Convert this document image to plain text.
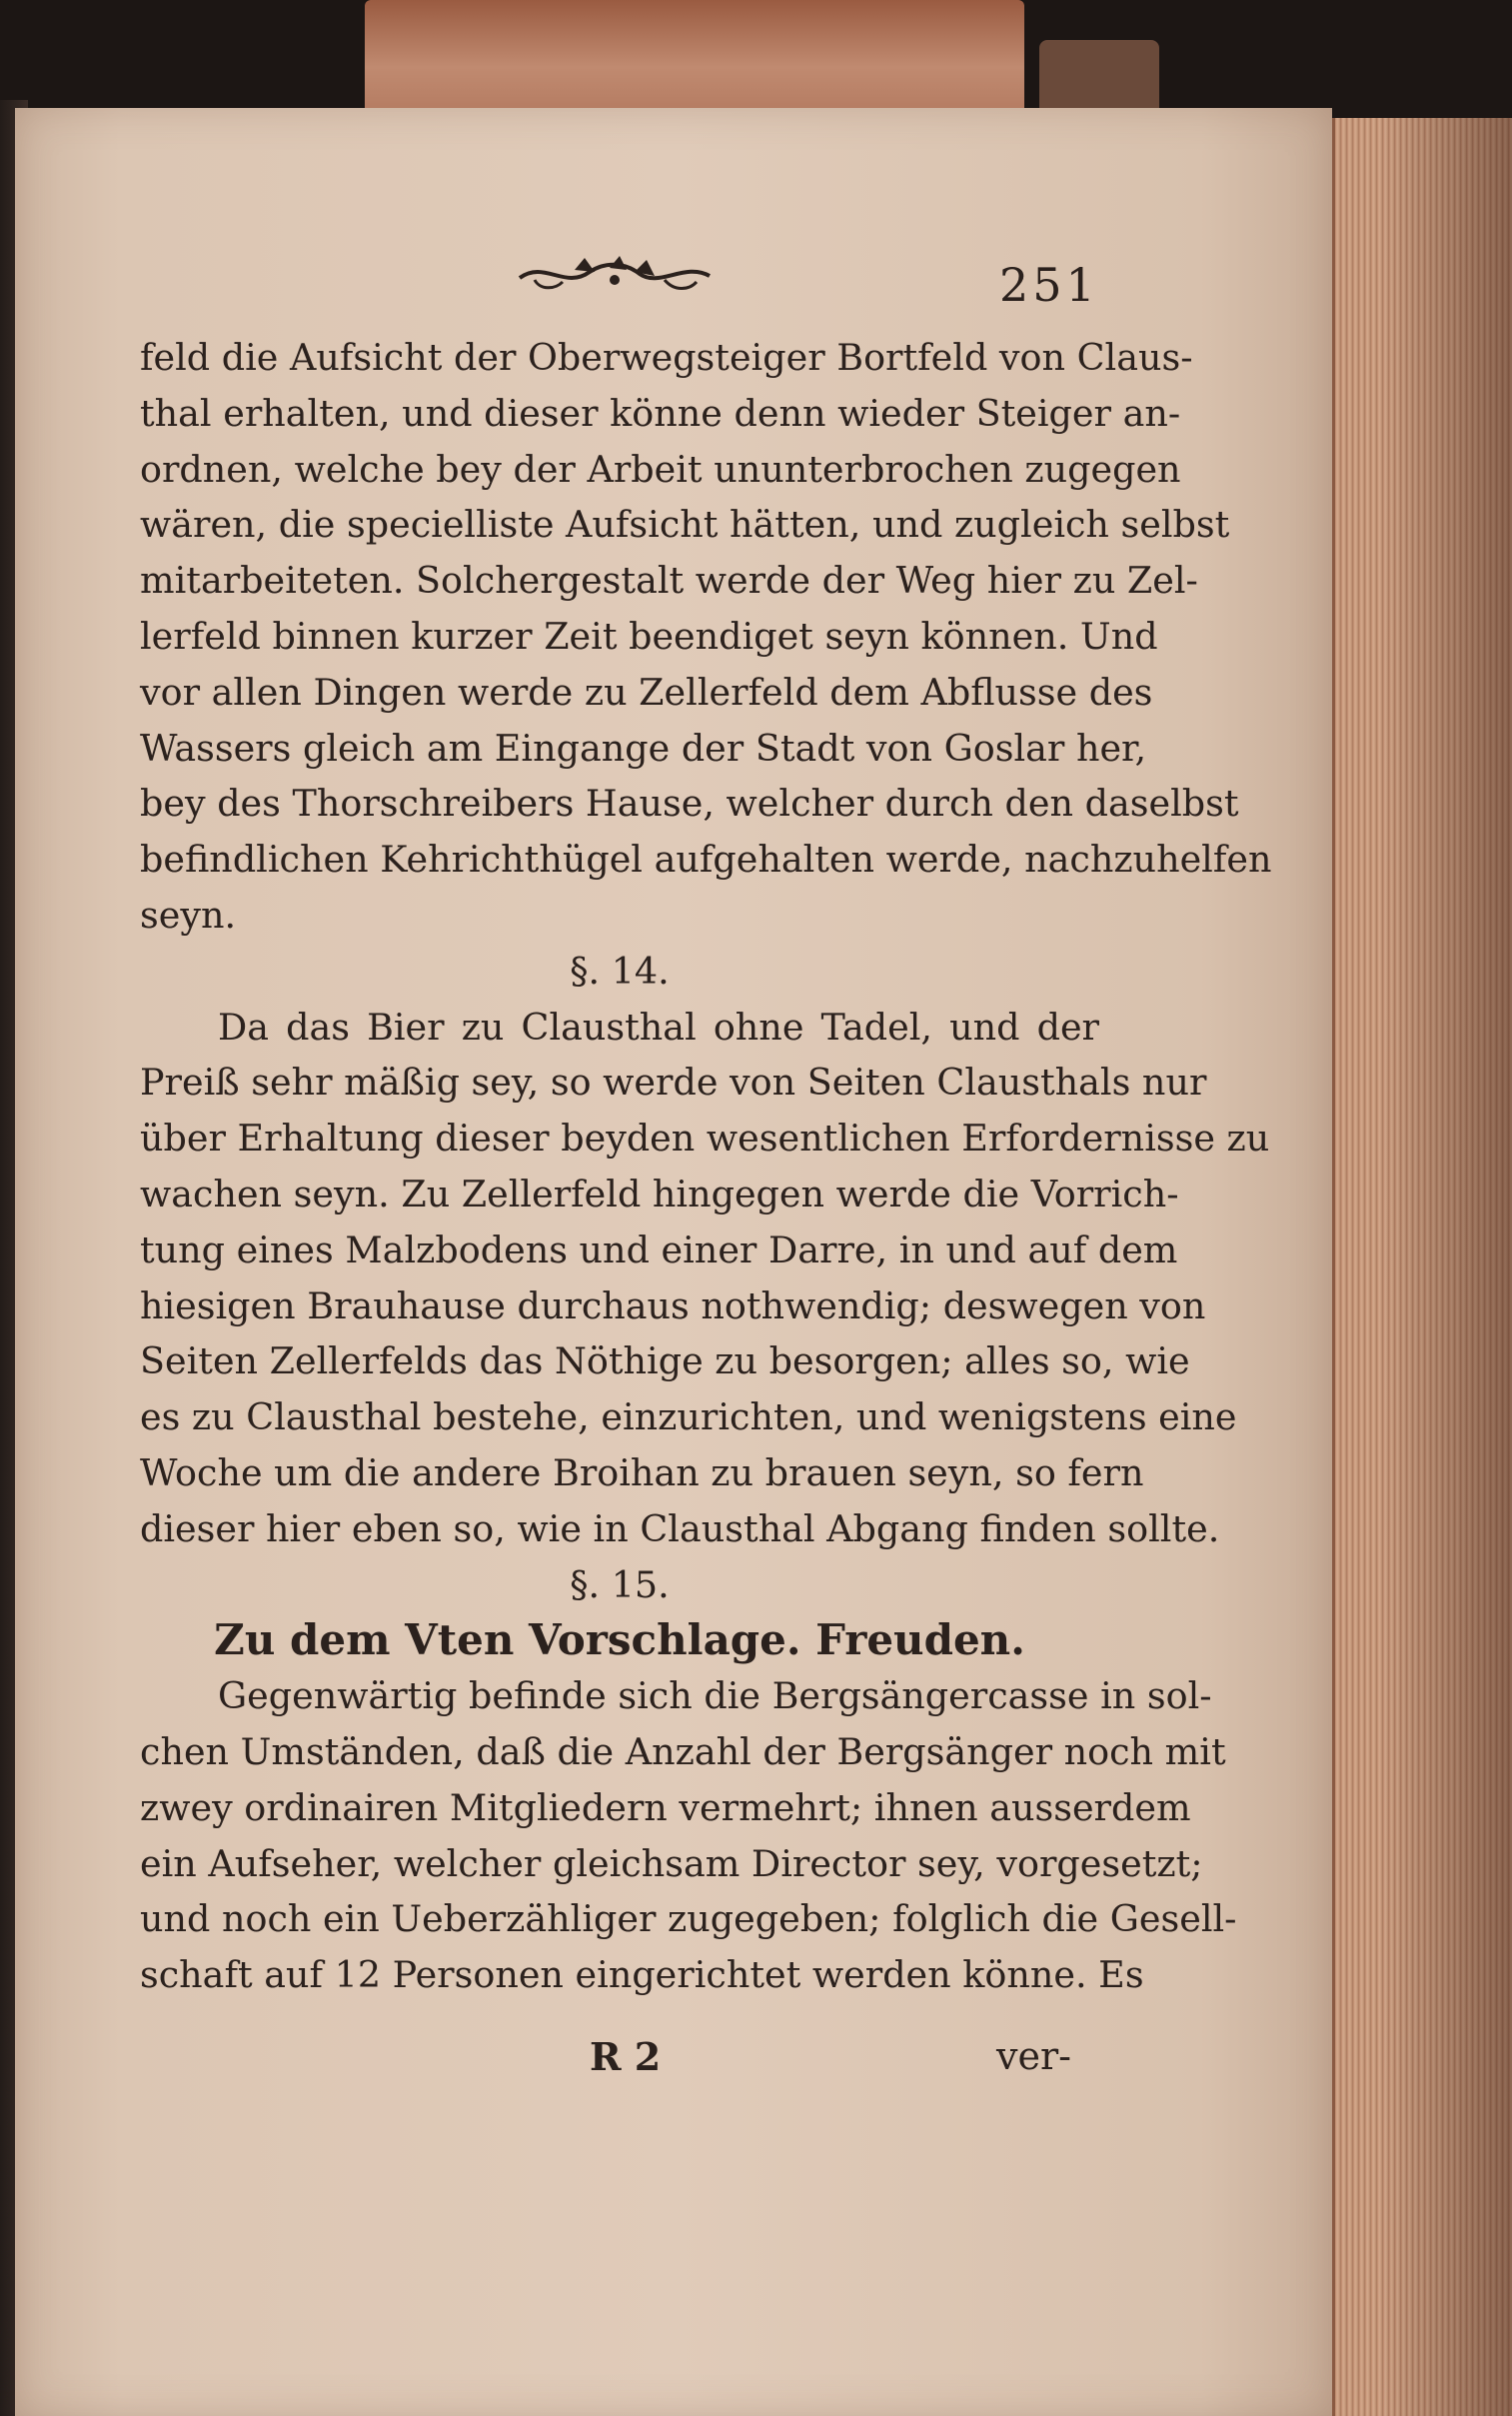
251
feld die Aufsicht der Oberwegsteiger Bortfeld von Claus-
thal erhalten, und dieser könne denn wieder Steiger an-
ordnen, welche bey der Arbeit ununterbrochen zugegen
wären, die specielliste Aufsicht hätten, und zugleich selbst
mitarbeiteten. Solchergestalt werde der Weg hier zu Zel-
lerfeld binnen kurzer Zeit beendiget seyn können. Und
vor allen Dingen werde zu Zellerfeld dem Abflusse des
Wassers gleich am Eingange der Stadt von Goslar her,
bey des Thorschreibers Hause, welcher durch den daselbst
befindlichen Kehrichthügel aufgehalten werde, nachzuhelfen
seyn.
§. 14.
Da das Bier zu Clausthal ohne Tadel, und der
Preiß sehr mäßig sey, so werde von Seiten Clausthals nur
über Erhaltung dieser beyden wesentlichen Erfordernisse zu
wachen seyn. Zu Zellerfeld hingegen werde die Vorrich-
tung eines Malzbodens und einer Darre, in und auf dem
hiesigen Brauhause durchaus nothwendig; deswegen von
Seiten Zellerfelds das Nöthige zu besorgen; alles so, wie
es zu Clausthal bestehe, einzurichten, und wenigstens eine
Woche um die andere Broihan zu brauen seyn, so fern
dieser hier eben so, wie in Clausthal Abgang finden sollte.
§. 15.
Zu dem Vten Vorschlage. Freuden.
Gegenwärtig befinde sich die Bergsängercasse in sol-
chen Umständen, daß die Anzahl der Bergsänger noch mit
zwey ordinairen Mitgliedern vermehrt; ihnen ausserdem
ein Aufseher, welcher gleichsam Director sey, vorgesetzt;
und noch ein Ueberzähliger zugegeben; folglich die Gesell-
schaft auf 12 Personen eingerichtet werden könne. Es
R 2	ver-
